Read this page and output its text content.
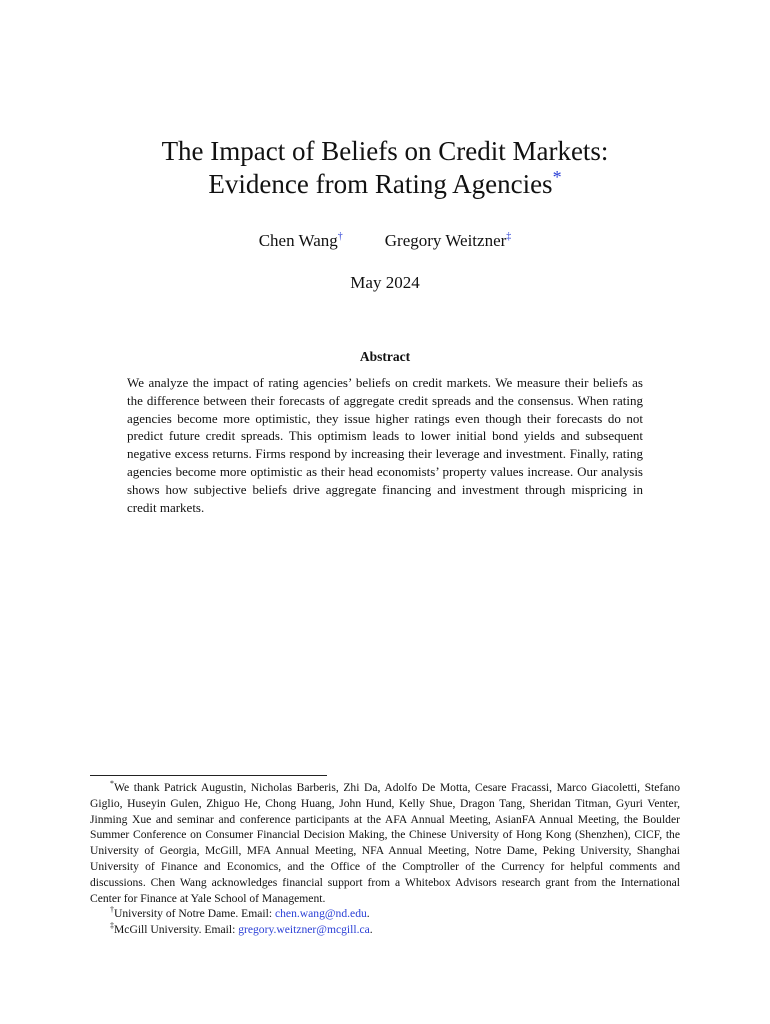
The Impact of Beliefs on Credit Markets:
Evidence from Rating Agencies*
Chen Wang† Gregory Weitzner‡
May 2024
Abstract
We analyze the impact of rating agencies’ beliefs on credit markets. We measure their beliefs as the difference between their forecasts of aggregate credit spreads and the consensus. When rating agencies become more optimistic, they issue higher ratings even though their forecasts do not predict future credit spreads. This optimism leads to lower initial bond yields and subsequent negative excess returns. Firms respond by increasing their leverage and investment. Finally, rating agencies become more optimistic as their head economists’ property values increase. Our analysis shows how subjective beliefs drive aggregate financing and investment through mispricing in credit markets.

*We thank Patrick Augustin, Nicholas Barberis, Zhi Da, Adolfo De Motta, Cesare Fracassi, Marco Giacoletti, Stefano Giglio, Huseyin Gulen, Zhiguo He, Chong Huang, John Hund, Kelly Shue, Dragon Tang, Sheridan Titman, Gyuri Venter, Jinming Xue and seminar and conference participants at the AFA Annual Meeting, AsianFA Annual Meeting, the Boulder Summer Conference on Consumer Financial Decision Making, the Chinese University of Hong Kong (Shenzhen), CICF, the University of Georgia, McGill, MFA Annual Meeting, NFA Annual Meeting, Notre Dame, Peking University, Shanghai University of Finance and Economics, and the Office of the Comptroller of the Currency for helpful comments and discussions. Chen Wang acknowledges financial support from a Whitebox Advisors research grant from the International Center for Finance at Yale School of Management.

†University of Notre Dame. Email: chen.wang@nd.edu.

‡McGill University. Email: gregory.weitzner@mcgill.ca.
